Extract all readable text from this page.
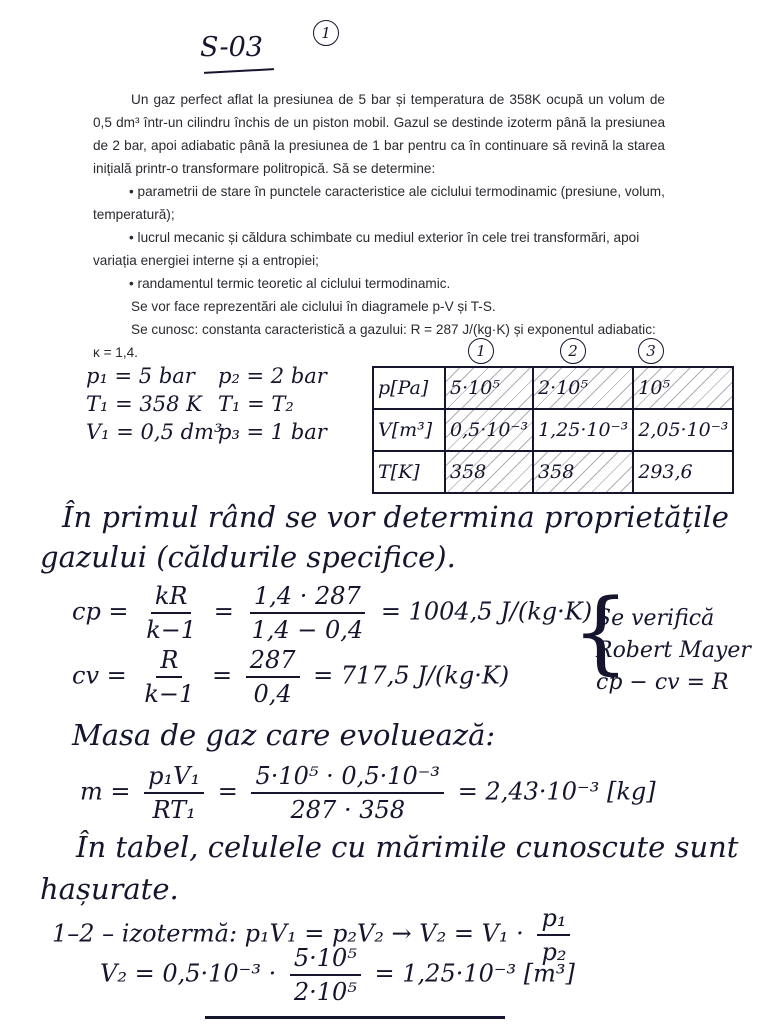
S-03	1

Un gaz perfect aflat la presiunea de 5 bar și temperatura de 358K ocupă un volum de 0,5 dm³ într-un cilindru închis de un piston mobil. Gazul se destinde izoterm până la presiunea de 2 bar, apoi adiabatic până la presiunea de 1 bar pentru ca în continuare să revină la starea inițială printr-o transformare politropică. Să se determine:

• parametrii de stare în punctele caracteristice ale ciclului termodinamic (presiune, volum, temperatură);
• lucrul mecanic și căldura schimbate cu mediul exterior în cele trei transformări, apoi variația energiei interne și a entropiei;
• randamentul termic teoretic al ciclului termodinamic.
Se vor face reprezentări ale ciclului în diagramele p-V și T-S.
Se cunosc: constanta caracteristică a gazului: R = 287 J/(kg·K) și exponentul adiabatic: κ = 1,4.
p₁ = 5 bar
T₁ = 358 K
V₁ = 0,5 dm³
p₂ = 2 bar
T₁ = T₂
p₃ = 1 bar
1	2	3
p[Pa]	5·10⁵	2·10⁵	10⁵
V[m³]	0,5·10⁻³	1,25·10⁻³	2,05·10⁻³
T[K]	358	358	293,6
În primul rând se vor determina proprietățile
gazului (căldurile specifice).
cp = $\frac{kR}{k-1} = \frac{1,4 \cdot 287}{1,4 - 0,4} = 1004,5$ J/(kg·K)
cv = $\frac{R}{k-1} = \frac{287}{0,4} = 717,5$ J/(kg·K) {
Se verifică
Robert Mayer
cp − cv = R
Masa de gaz care evoluează:
$m = \frac{\text{p₁V₁}}{\text{RT₁}} = \frac{\text{5·10⁵ · 0,5·10⁻³}}{287 \cdot 358} = 2,43\cdot 10^{-3}$ [kg]
În tabel, celulele cu mărimile cunoscute sunt
hașurate.
1–2 – izotermă: $p_1V_1 = p_2V_2 \to V_2 = V_1 \cdot \frac{\text{p₁}}{\text{p₂}}$
$V_2 = 0,5\cdot 10^{-3} \cdot \frac{\text{5·10⁵}}{\text{2·10⁵}} = 1,25\cdot 10^{-3}$ [m³]
